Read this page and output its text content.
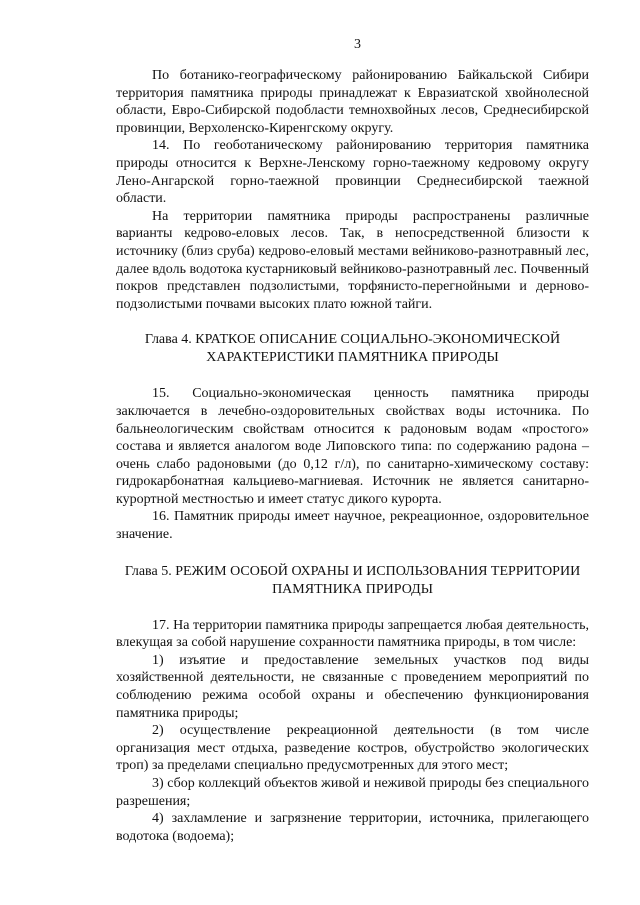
3

По ботанико-географическому районированию Байкальской Сибири территория памятника природы принадлежат к Евразиатской хвойнолесной области, Евро-Сибирской подобласти темнохвойных лесов, Среднесибирской провинции, Верхоленско-Киренгскому округу.

14. По геоботаническому районированию территория памятника природы относится к Верхне-Ленскому горно-таежному кедровому округу Лено-Ангарской горно-таежной провинции Среднесибирской таежной области.

На территории памятника природы распространены различные варианты кедрово-еловых лесов. Так, в непосредственной близости к источнику (близ сруба) кедрово-еловый местами вейниково-разнотравный лес, далее вдоль водотока кустарниковый вейниково-разнотравный лес. Почвенный покров представлен подзолистыми, торфянисто-перегнойными и дерново-подзолистыми почвами высоких плато южной тайги.

Глава 4. КРАТКОЕ ОПИСАНИЕ СОЦИАЛЬНО-ЭКОНОМИЧЕСКОЙ
ХАРАКТЕРИСТИКИ ПАМЯТНИКА ПРИРОДЫ

15. Социально-экономическая ценность памятника природы заключается в лечебно-оздоровительных свойствах воды источника. По бальнеологическим свойствам относится к радоновым водам «простого» состава и является аналогом воде Липовского типа: по содержанию радона – очень слабо радоновыми (до 0,12 г/л), по санитарно-химическому составу: гидрокарбонатная кальциево-магниевая. Источник не является санитарно-курортной местностью и имеет статус дикого курорта.

16. Памятник природы имеет научное, рекреационное, оздоровительное значение.

Глава 5. РЕЖИМ ОСОБОЙ ОХРАНЫ И ИСПОЛЬЗОВАНИЯ ТЕРРИТОРИИ
ПАМЯТНИКА ПРИРОДЫ

17. На территории памятника природы запрещается любая деятельность, влекущая за собой нарушение сохранности памятника природы, в том числе:

1) изъятие и предоставление земельных участков под виды хозяйственной деятельности, не связанные с проведением мероприятий по соблюдению режима особой охраны и обеспечению функционирования памятника природы;

2) осуществление рекреационной деятельности (в том числе организация мест отдыха, разведение костров, обустройство экологических троп) за пределами специально предусмотренных для этого мест;

3) сбор коллекций объектов живой и неживой природы без специального разрешения;

4) захламление и загрязнение территории, источника, прилегающего водотока (водоема);
